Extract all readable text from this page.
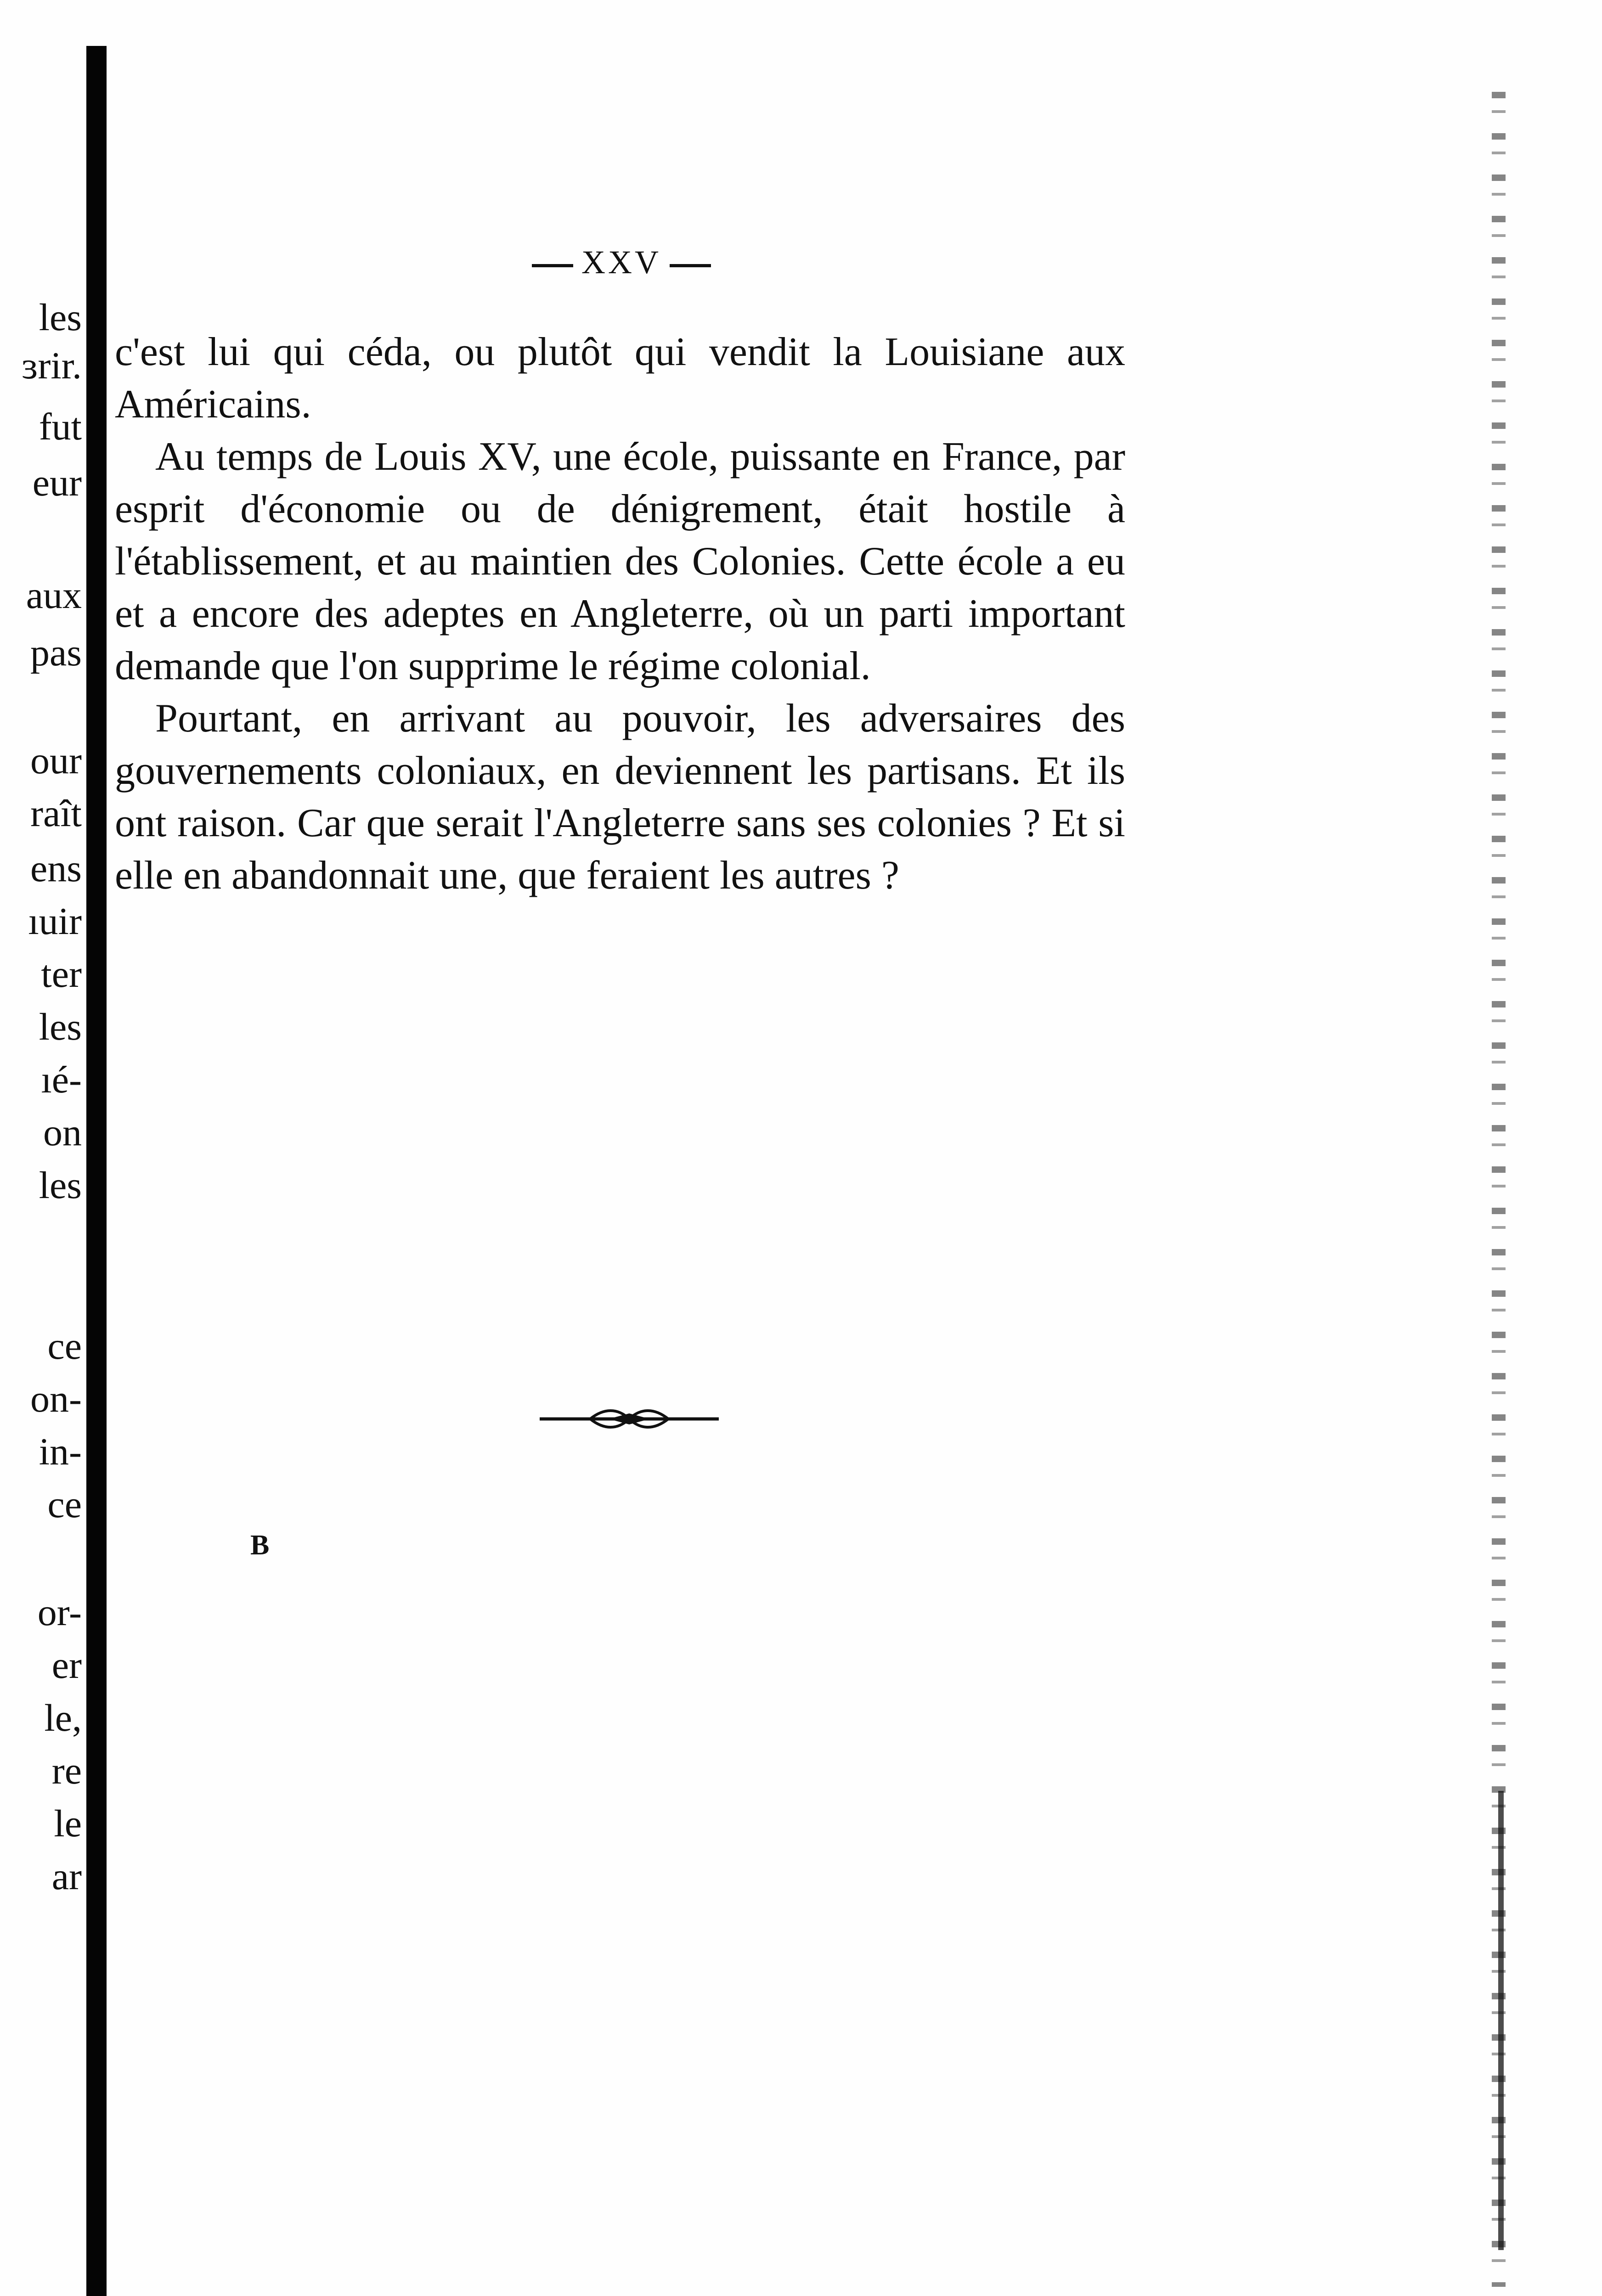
les
ɜrir.
fut
eur
aux
pas
our
raît
ens
ıuir
ter
les
ıé-
on
les
ce
on-
in-
ce
or-
er
le,
re
le
ar
XXV

c'est lui qui céda, ou plutôt qui vendit la Louisiane aux Américains.

Au temps de Louis XV, une école, puissante en France, par esprit d'économie ou de dénigrement, était hostile à l'établissement, et au maintien des Colonies. Cette école a eu et a encore des adeptes en Angleterre, où un parti important demande que l'on supprime le régime colonial.

Pourtant, en arrivant au pouvoir, les adversaires des gouvernements coloniaux, en deviennent les partisans. Et ils ont raison. Car que serait l'Angleterre sans ses colonies ? Et si elle en abandonnait une, que feraient les autres ?

B
